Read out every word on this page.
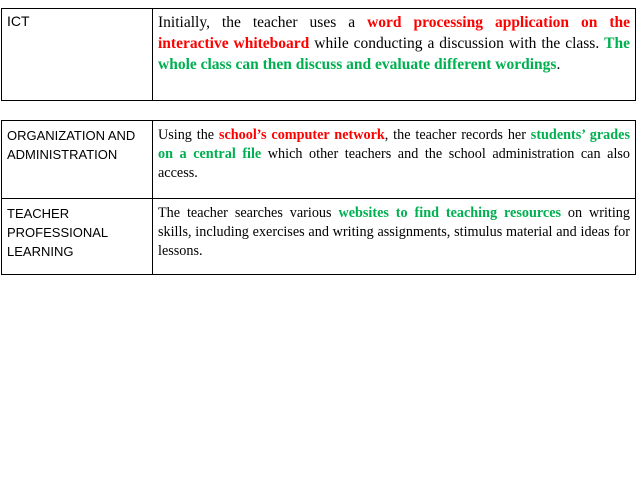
ICT	Initially, the teacher uses a word processing application on the interactive whiteboard while conducting a discussion with the class. The whole class can then discuss and evaluate different wordings.
ORGANIZATION AND ADMINISTRATION	Using the school’s computer network, the teacher records her students’ grades on a central file which other teachers and the school administration can also access.
TEACHER PROFESSIONAL LEARNING	The teacher searches various websites to find teaching resources on writing skills, including exercises and writing assignments, stimulus material and ideas for lessons.
